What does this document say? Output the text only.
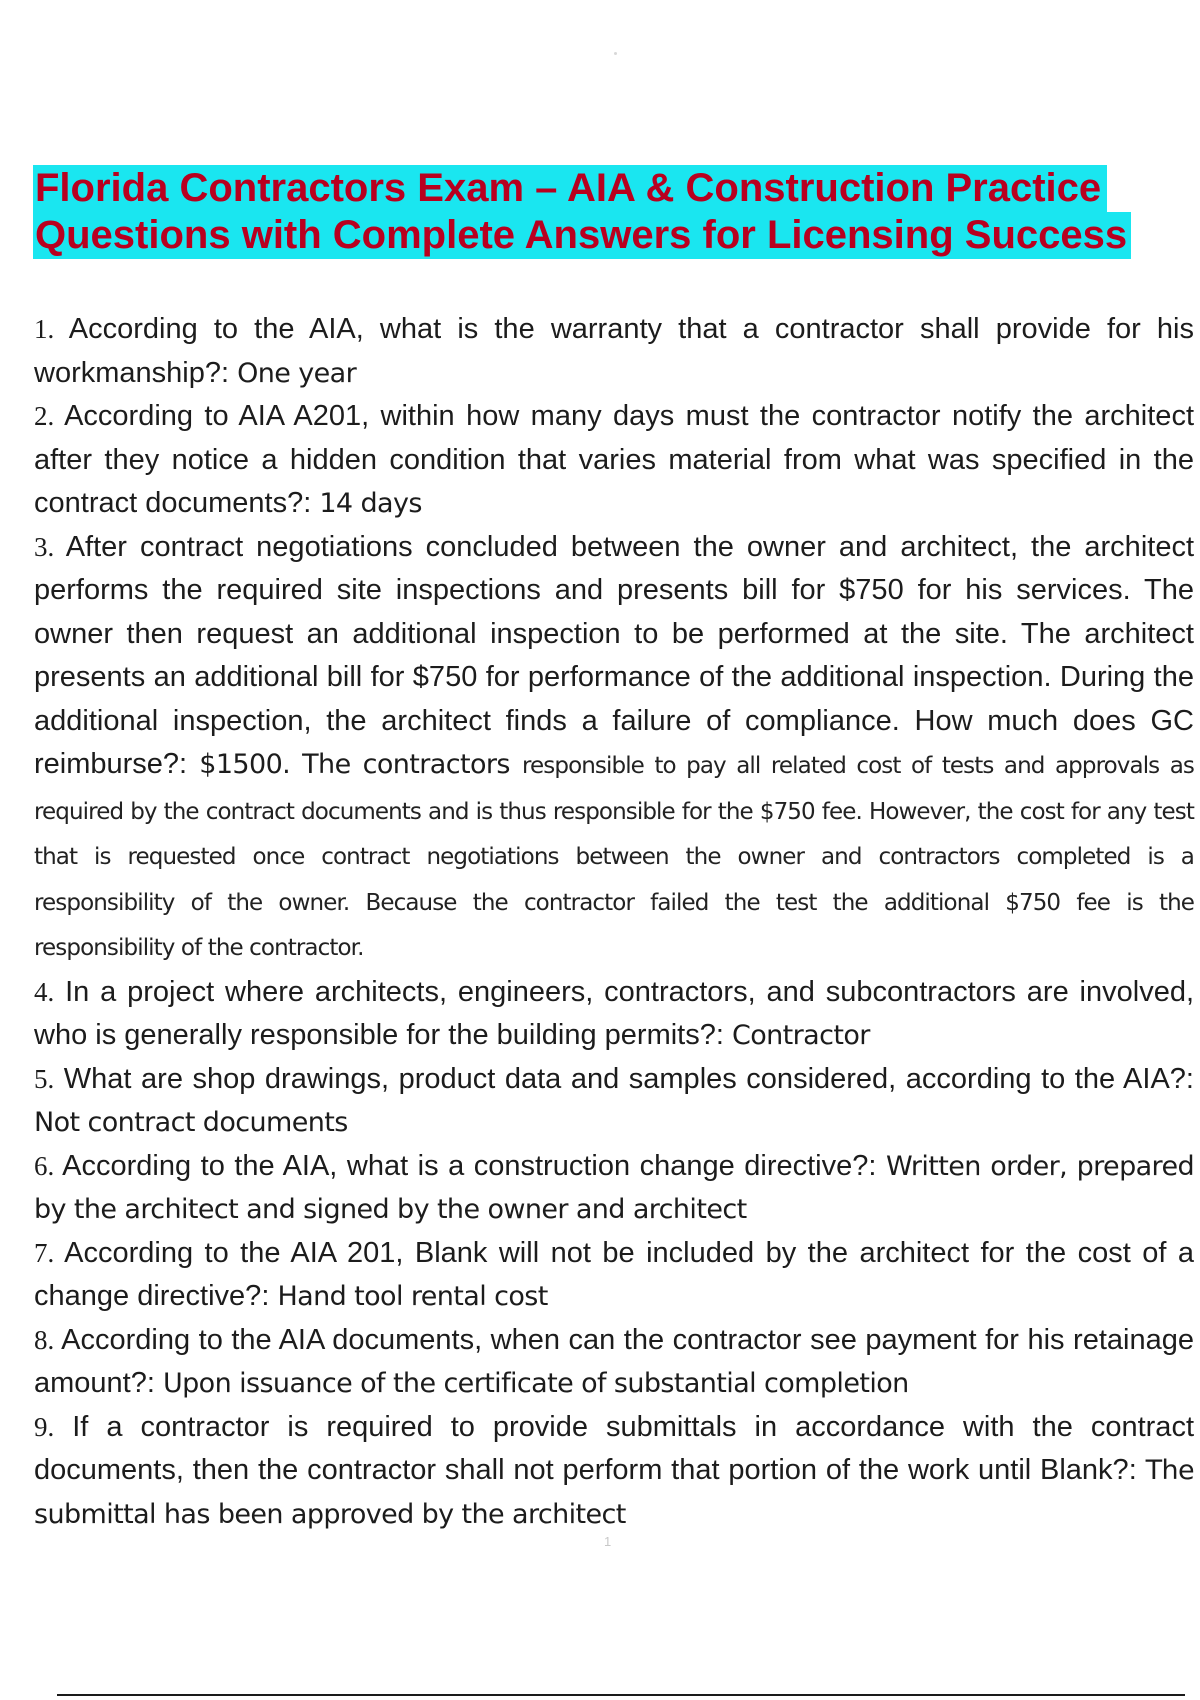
Florida Contractors Exam – AIA & Construction Practice
Questions with Complete Answers for Licensing Success

1. According to the AIA, what is the warranty that a contractor shall provide for his workmanship?: One year

2. According to AIA A201, within how many days must the contractor notify the architect after they notice a hidden condition that varies material from what was specified in the contract documents?: 14 days

3. After contract negotiations concluded between the owner and architect, the architect performs the required site inspections and presents bill for $750 for his services. The owner then request an additional inspection to be performed at the site. The architect presents an additional bill for $750 for performance of the additional inspection. During the additional inspection, the architect finds a failure of compliance. How much does GC reimburse?: $1500. The contractors responsible to pay all related cost of tests and approvals as required by the contract documents and is thus responsible for the $750 fee. However, the cost for any test that is requested once contract negotiations between the owner and contractors completed is a responsibility of the owner. Because the contractor failed the test the additional $750 fee is the responsibility of the contractor.

4. In a project where architects, engineers, contractors, and subcontractors are involved, who is generally responsible for the building permits?: Contractor

5. What are shop drawings, product data and samples considered, according to the AIA?: Not contract documents

6. According to the AIA, what is a construction change directive?: Written order, prepared by the architect and signed by the owner and architect

7. According to the AIA 201, Blank will not be included by the architect for the cost of a change directive?: Hand tool rental cost

8. According to the AIA documents, when can the contractor see payment for his retainage amount?: Upon issuance of the certificate of substantial completion

9. If a contractor is required to provide submittals in accordance with the contract documents, then the contractor shall not perform that portion of the work until Blank?: The submittal has been approved by the architect

1
